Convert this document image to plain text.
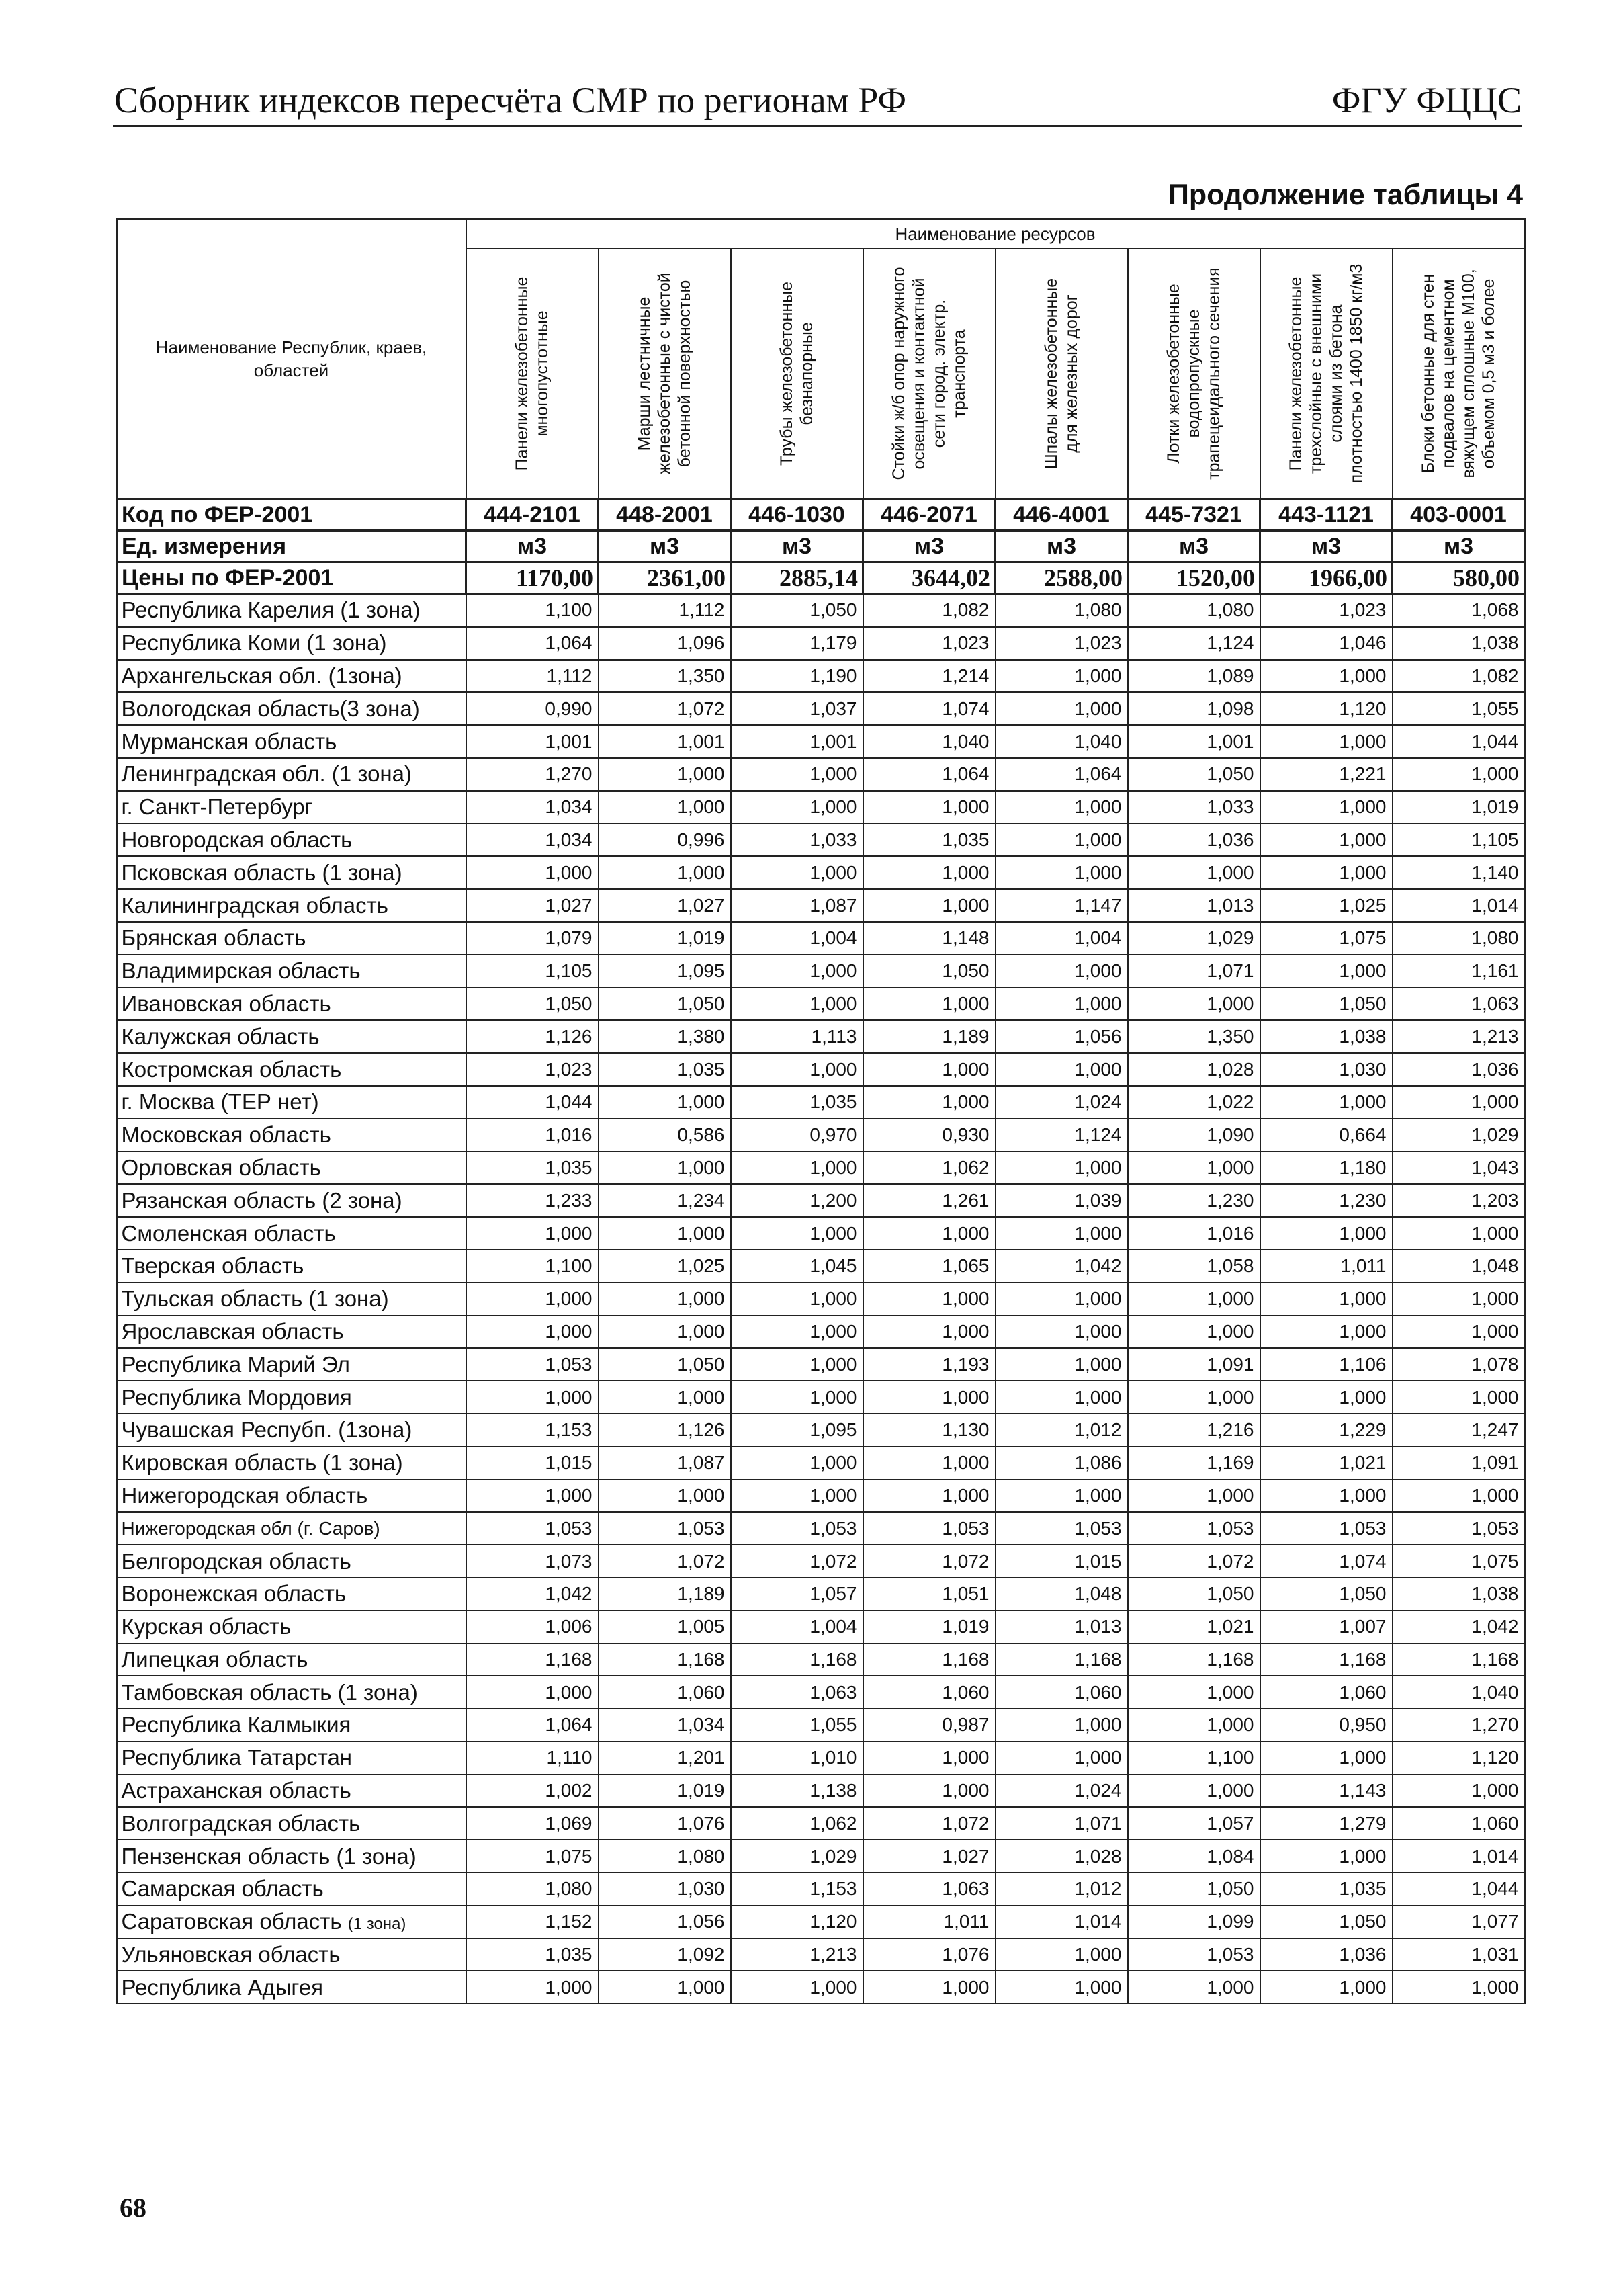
Сборник индексов пересчёта СМР по регионам РФ	ФГУ ФЦЦС
Продолжение таблицы 4
Наименование Республик, краев, областей	Наименование ресурсов							

	Панели железобетонные многопустотные	Марши лестничные железобетонные с чистой бетонной поверхностью	Трубы железобетонные безнапорные	Стойки ж/б опор наружного освещения и контактной сети город. электр. транспорта	Шпалы железобетонные для железных дорог	Лотки железобетонные водопропускные трапецеидального сечения	Панели железобетонные трехслойные с внешними слоями из бетона плотностью 1400 1850 кг/м3	Блоки бетонные для стен подвалов на цементном вяжущем сплошные М100, объемом 0,5 м3 и более

Код по ФЕР-2001	444-2101	448-2001	446-1030	446-2071	446-4001	445-7321	443-1121	403-0001
Ед. измерения	м3	м3	м3	м3	м3	м3	м3	м3
Цены по ФЕР-2001	1170,00	2361,00	2885,14	3644,02	2588,00	1520,00	1966,00	580,00
Республика Карелия (1 зона)	1,100	1,112	1,050	1,082	1,080	1,080	1,023	1,068
Республика Коми (1 зона)	1,064	1,096	1,179	1,023	1,023	1,124	1,046	1,038
Архангельская обл. (1зона)	1,112	1,350	1,190	1,214	1,000	1,089	1,000	1,082
Вологодская область(3 зона)	0,990	1,072	1,037	1,074	1,000	1,098	1,120	1,055
Мурманская область	1,001	1,001	1,001	1,040	1,040	1,001	1,000	1,044
Ленинградская обл. (1 зона)	1,270	1,000	1,000	1,064	1,064	1,050	1,221	1,000
г. Санкт-Петербург	1,034	1,000	1,000	1,000	1,000	1,033	1,000	1,019
Новгородская область	1,034	0,996	1,033	1,035	1,000	1,036	1,000	1,105
Псковская область (1 зона)	1,000	1,000	1,000	1,000	1,000	1,000	1,000	1,140
Калининградская область	1,027	1,027	1,087	1,000	1,147	1,013	1,025	1,014
Брянская область	1,079	1,019	1,004	1,148	1,004	1,029	1,075	1,080
Владимирская область	1,105	1,095	1,000	1,050	1,000	1,071	1,000	1,161
Ивановская область	1,050	1,050	1,000	1,000	1,000	1,000	1,050	1,063
Калужская область	1,126	1,380	1,113	1,189	1,056	1,350	1,038	1,213
Костромская область	1,023	1,035	1,000	1,000	1,000	1,028	1,030	1,036
г. Москва (ТЕР нет)	1,044	1,000	1,035	1,000	1,024	1,022	1,000	1,000
Московская область	1,016	0,586	0,970	0,930	1,124	1,090	0,664	1,029
Орловская область	1,035	1,000	1,000	1,062	1,000	1,000	1,180	1,043
Рязанская область (2 зона)	1,233	1,234	1,200	1,261	1,039	1,230	1,230	1,203
Смоленская область	1,000	1,000	1,000	1,000	1,000	1,016	1,000	1,000
Тверская область	1,100	1,025	1,045	1,065	1,042	1,058	1,011	1,048
Тульская область (1 зона)	1,000	1,000	1,000	1,000	1,000	1,000	1,000	1,000
Ярославская область	1,000	1,000	1,000	1,000	1,000	1,000	1,000	1,000
Республика Марий Эл	1,053	1,050	1,000	1,193	1,000	1,091	1,106	1,078
Республика Мордовия	1,000	1,000	1,000	1,000	1,000	1,000	1,000	1,000
Чувашская Респубп. (1зона)	1,153	1,126	1,095	1,130	1,012	1,216	1,229	1,247
Кировская область (1 зона)	1,015	1,087	1,000	1,000	1,086	1,169	1,021	1,091
Нижегородская область	1,000	1,000	1,000	1,000	1,000	1,000	1,000	1,000
Нижегородская обл (г. Саров)	1,053	1,053	1,053	1,053	1,053	1,053	1,053	1,053
Белгородская область	1,073	1,072	1,072	1,072	1,015	1,072	1,074	1,075
Воронежская область	1,042	1,189	1,057	1,051	1,048	1,050	1,050	1,038
Курская область	1,006	1,005	1,004	1,019	1,013	1,021	1,007	1,042
Липецкая область	1,168	1,168	1,168	1,168	1,168	1,168	1,168	1,168
Тамбовская область (1 зона)	1,000	1,060	1,063	1,060	1,060	1,000	1,060	1,040
Республика Калмыкия	1,064	1,034	1,055	0,987	1,000	1,000	0,950	1,270
Республика Татарстан	1,110	1,201	1,010	1,000	1,000	1,100	1,000	1,120
Астраханская область	1,002	1,019	1,138	1,000	1,024	1,000	1,143	1,000
Волгоградская область	1,069	1,076	1,062	1,072	1,071	1,057	1,279	1,060
Пензенская область (1 зона)	1,075	1,080	1,029	1,027	1,028	1,084	1,000	1,014
Самарская область	1,080	1,030	1,153	1,063	1,012	1,050	1,035	1,044
Саратовская область (1 зона)	1,152	1,056	1,120	1,011	1,014	1,099	1,050	1,077
Ульяновская область	1,035	1,092	1,213	1,076	1,000	1,053	1,036	1,031
Республика Адыгея	1,000	1,000	1,000	1,000	1,000	1,000	1,000	1,000
68
